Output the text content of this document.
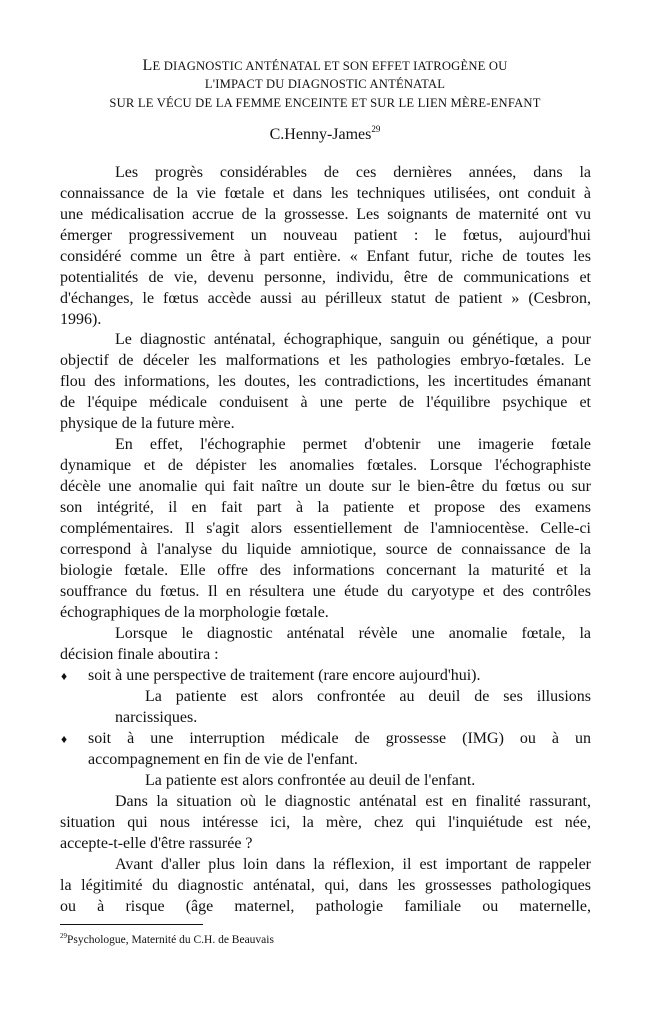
LE DIAGNOSTIC ANTÉNATAL ET SON EFFET IATROGÈNE OU
L'IMPACT DU DIAGNOSTIC ANTÉNATAL
SUR LE VÉCU DE LA FEMME ENCEINTE ET SUR LE LIEN MÈRE-ENFANT
C.Henny-James$^{29}$
Les progrès considérables de ces dernières années, dans la
connaissance de la vie fœtale et dans les techniques utilisées, ont conduit à
une médicalisation accrue de la grossesse. Les soignants de maternité ont vu
émerger progressivement un nouveau patient : le fœtus, aujourd'hui
considéré comme un être à part entière. « Enfant futur, riche de toutes les
potentialités de vie, devenu personne, individu, être de communications et
d'échanges, le fœtus accède aussi au périlleux statut de patient » (Cesbron,
1996).
Le diagnostic anténatal, échographique, sanguin ou génétique, a pour
objectif de déceler les malformations et les pathologies embryo-fœtales. Le
flou des informations, les doutes, les contradictions, les incertitudes émanant
de l'équipe médicale conduisent à une perte de l'équilibre psychique et
physique de la future mère.
En effet, l'échographie permet d'obtenir une imagerie fœtale
dynamique et de dépister les anomalies fœtales. Lorsque l'échographiste
décèle une anomalie qui fait naître un doute sur le bien-être du fœtus ou sur
son intégrité, il en fait part à la patiente et propose des examens
complémentaires. Il s'agit alors essentiellement de l'amniocentèse. Celle-ci
correspond à l'analyse du liquide amniotique, source de connaissance de la
biologie fœtale. Elle offre des informations concernant la maturité et la
souffrance du fœtus. Il en résultera une étude du caryotype et des contrôles
échographiques de la morphologie fœtale.
Lorsque le diagnostic anténatal révèle une anomalie fœtale, la
décision finale aboutira :
♦ soit à une perspective de traitement (rare encore aujourd'hui).
La patiente est alors confrontée au deuil de ses illusions
narcissiques.
♦ soit à une interruption médicale de grossesse (IMG) ou à un
accompagnement en fin de vie de l'enfant.
La patiente est alors confrontée au deuil de l'enfant.
Dans la situation où le diagnostic anténatal est en finalité rassurant,
situation qui nous intéresse ici, la mère, chez qui l'inquiétude est née,
accepte-t-elle d'être rassurée ?
Avant d'aller plus loin dans la réflexion, il est important de rappeler
la légitimité du diagnostic anténatal, qui, dans les grossesses pathologiques
ou à risque (âge maternel, pathologie familiale ou maternelle,
$^{29}$Psychologue, Maternité du C.H. de Beauvais
